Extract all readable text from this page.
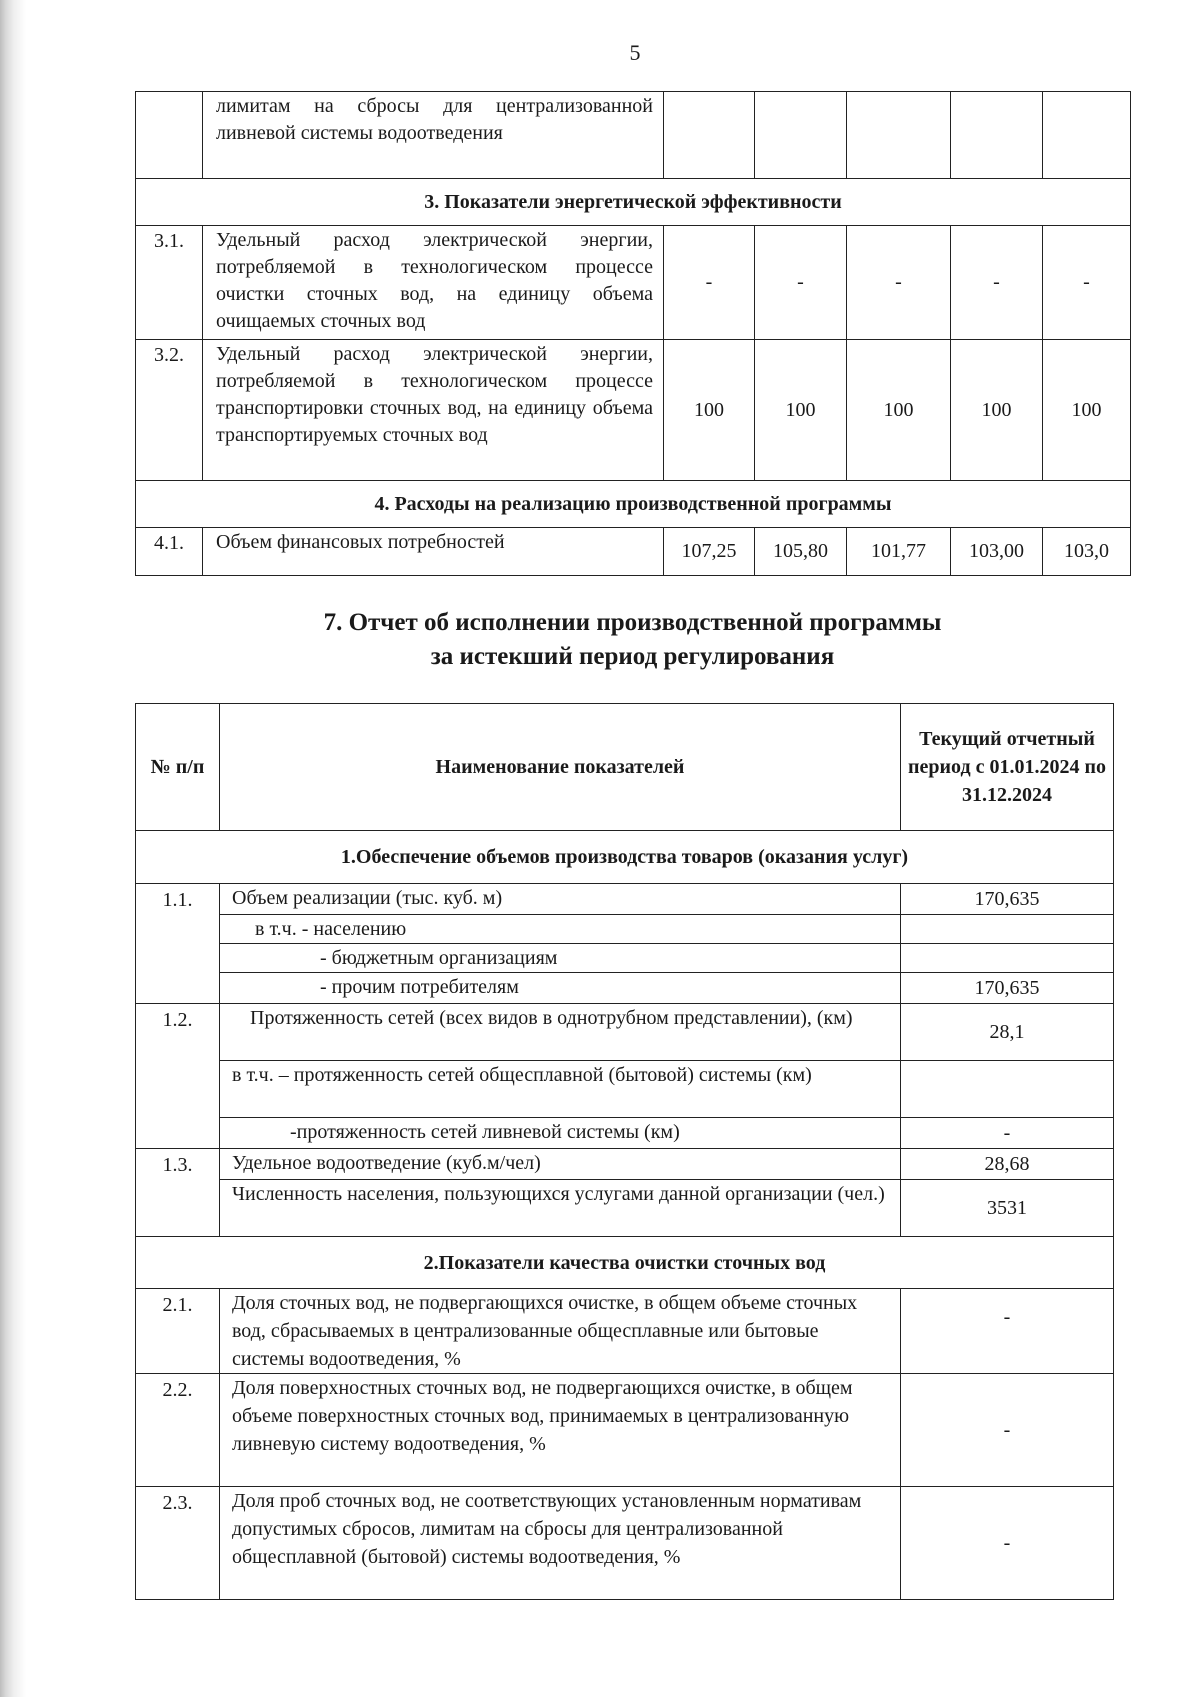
5
	лимитам на сбросы для централизованной ливневой системы водоотведения					
3. Показатели энергетической эффективности						
3.1.	Удельный расход электрической энергии, потребляемой в технологическом процессе очистки сточных вод, на единицу объема очищаемых сточных вод	-	-	-	-	-
3.2.	Удельный расход электрической энергии, потребляемой в технологическом процессе транспортировки сточных вод, на единицу объема транспортируемых сточных вод	100	100	100	100	100
4. Расходы на реализацию производственной программы						
4.1.	Объем финансовых потребностей	107,25	105,80	101,77	103,00	103,0
7. Отчет об исполнении производственной программы
за истекший период регулирования
№ п/п	Наименование показателей	Текущий отчетный период с 01.01.2024 по 31.12.2024
1.Обеспечение объемов производства товаров (оказания услуг)		
1.1.	Объем реализации (тыс. куб. м)	170,635
	в т.ч. - населению	
	- бюджетным организациям	
	- прочим потребителям	170,635
1.2.	Протяженность сетей (всех видов в однотрубном представлении), (км)	28,1
	в т.ч. – протяженность сетей общесплавной (бытовой) системы (км)	
	-протяженность сетей ливневой системы (км)	-
1.3.	Удельное водоотведение (куб.м/чел)	28,68
	Численность населения, пользующихся услугами данной организации (чел.)	3531
2.Показатели качества очистки сточных вод		
2.1.	Доля сточных вод, не подвергающихся очистке, в общем объеме сточных вод, сбрасываемых в централизованные общесплавные или бытовые системы водоотведения, %	-
2.2.	Доля поверхностных сточных вод, не подвергающихся очистке, в общем объеме поверхностных сточных вод, принимаемых в централизованную ливневую систему водоотведения, %	-
2.3.	Доля проб сточных вод, не соответствующих установленным нормативам допустимых сбросов, лимитам на сбросы для централизованной общесплавной (бытовой) системы водоотведения, %	-
